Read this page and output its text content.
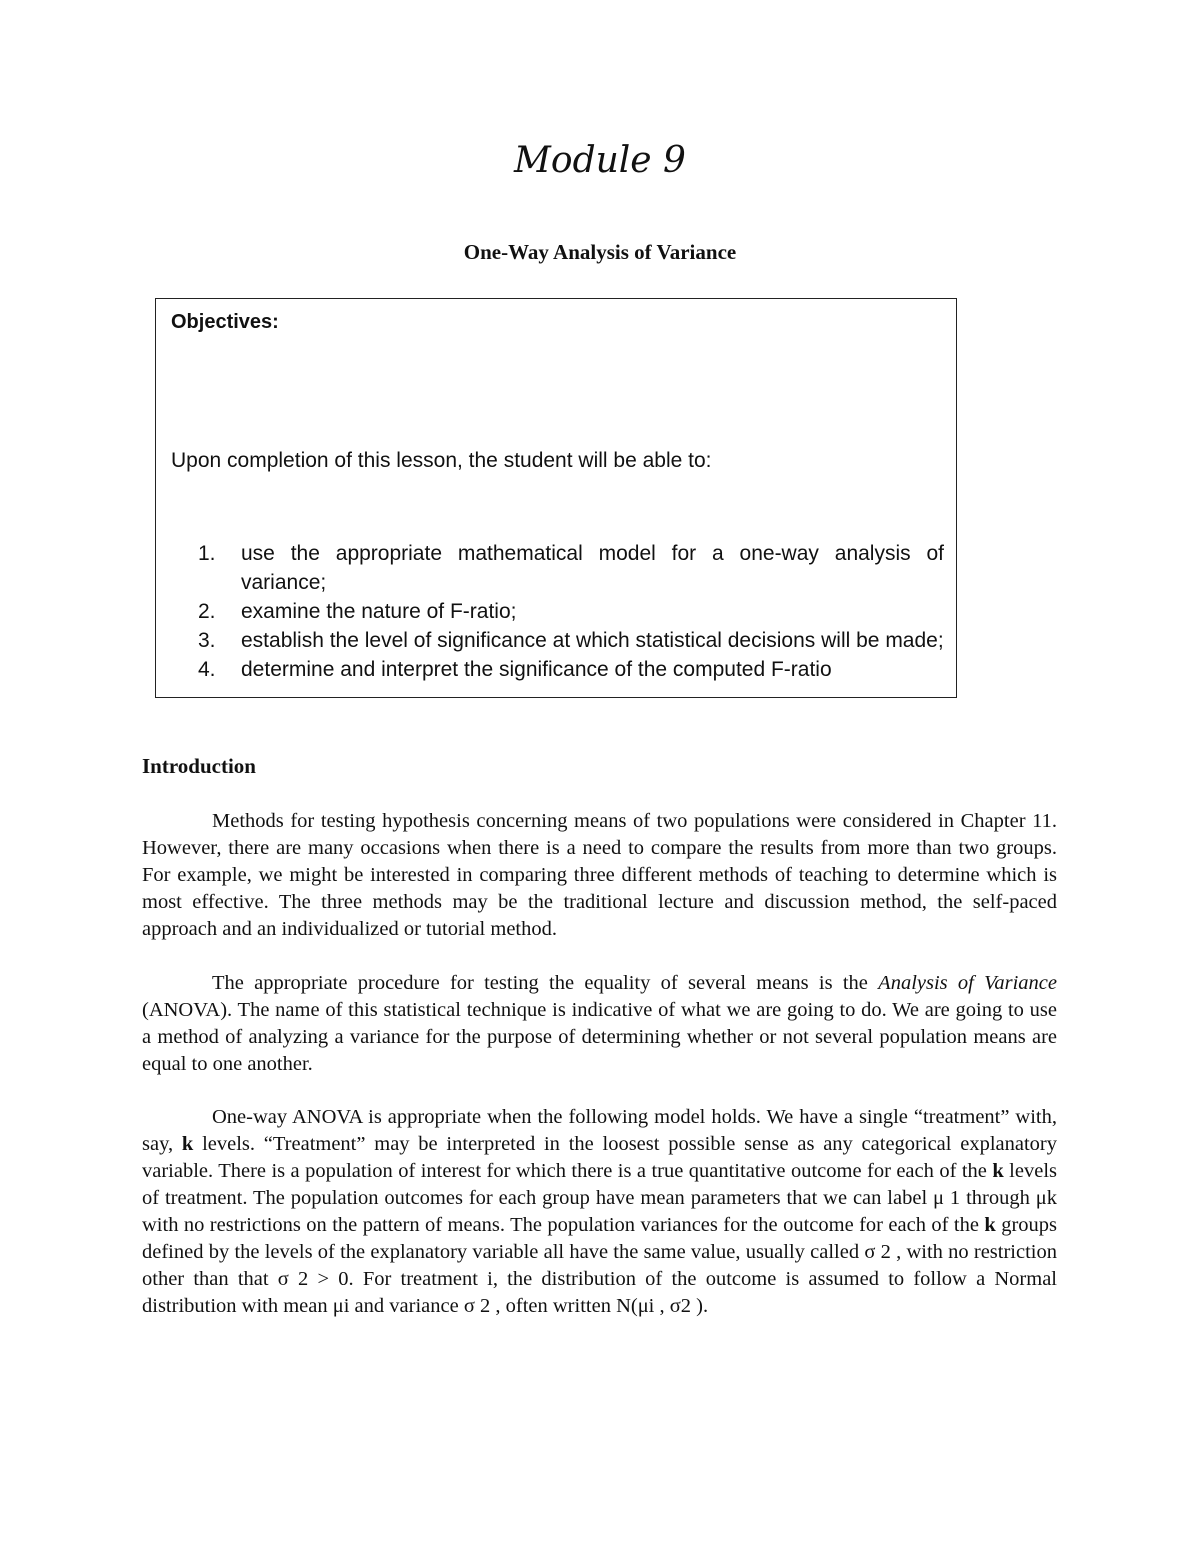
Module 9
One-Way Analysis of Variance
Objectives:
Upon completion of this lesson, the student will be able to:
1. use the appropriate mathematical model for a one-way analysis of variance;
2. examine the nature of F-ratio;
3. establish the level of significance at which statistical decisions will be made;
4. determine and interpret the significance of the computed F-ratio
Introduction

Methods for testing hypothesis concerning means of two populations were considered in Chapter 11. However, there are many occasions when there is a need to compare the results from more than two groups. For example, we might be interested in comparing three different methods of teaching to determine which is most effective. The three methods may be the traditional lecture and discussion method, the self-paced approach and an individualized or tutorial method.

The appropriate procedure for testing the equality of several means is the Analysis of Variance (ANOVA). The name of this statistical technique is indicative of what we are going to do. We are going to use a method of analyzing a variance for the purpose of determining whether or not several population means are equal to one another.

One-way ANOVA is appropriate when the following model holds. We have a single “treatment” with, say, k levels. “Treatment” may be interpreted in the loosest possible sense as any categorical explanatory variable. There is a population of interest for which there is a true quantitative outcome for each of the k levels of treatment. The population outcomes for each group have mean parameters that we can label μ 1 through μk with no restrictions on the pattern of means. The population variances for the outcome for each of the k groups defined by the levels of the explanatory variable all have the same value, usually called σ 2 , with no restriction other than that σ 2 > 0. For treatment i, the distribution of the outcome is assumed to follow a Normal distribution with mean μi and variance σ 2 , often written N(μi , σ2 ).
